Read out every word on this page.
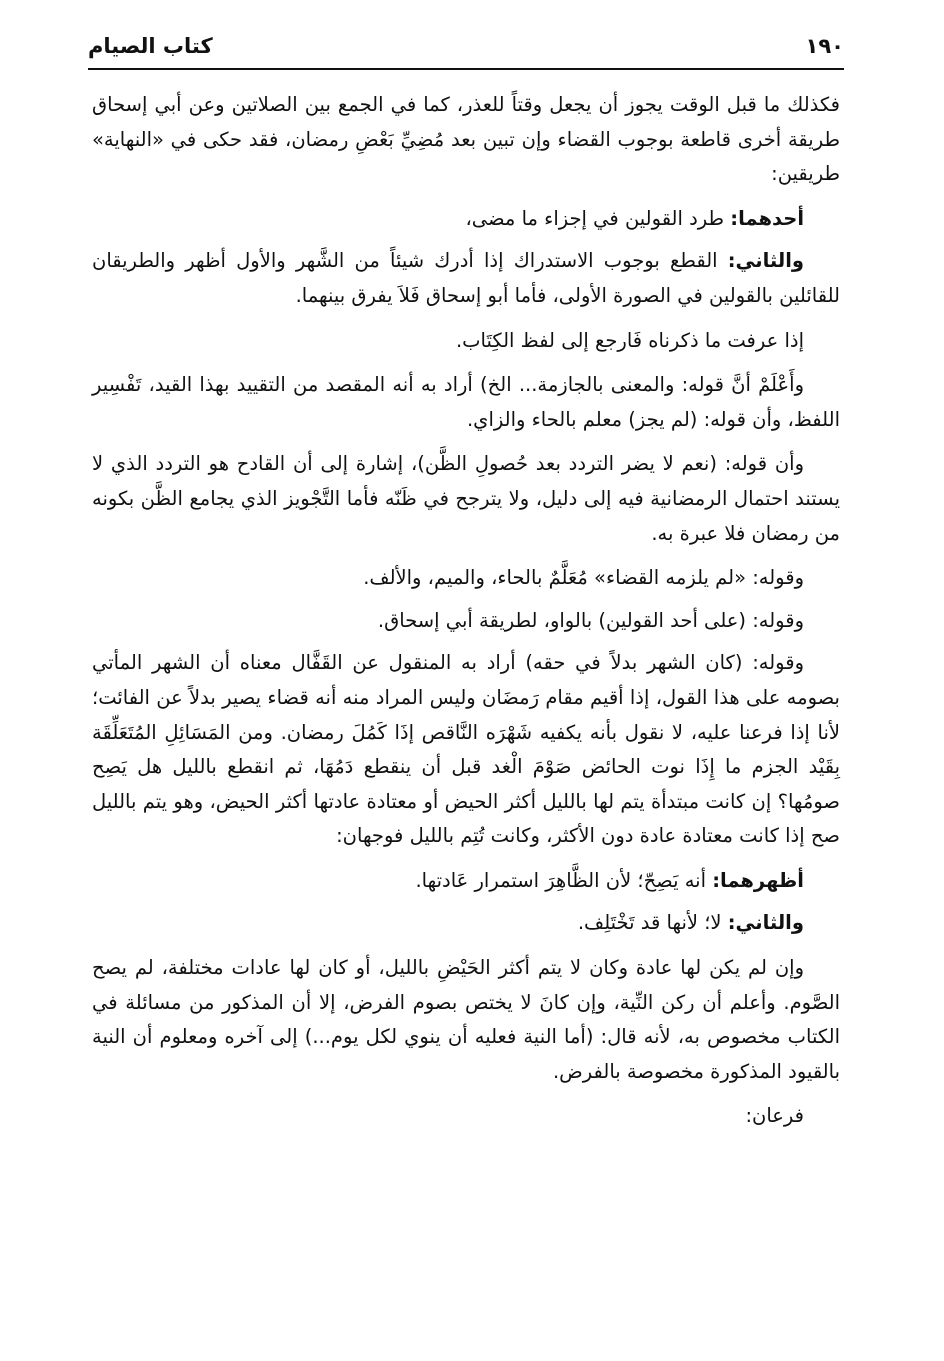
١٩٠
كتاب الصيام

فكذلك ما قبل الوقت يجوز أن يجعل وقتاً للعذر، كما في الجمع بين الصلاتين وعن أبي إسحاق طريقة أخرى قاطعة بوجوب القضاء وإن تبين بعد مُضِيِّ بَعْضِ رمضان، فقد حكى في «النهاية» طريقين:

أحدهما: طرد القولين في إجزاء ما مضى،

والثاني: القطع بوجوب الاستدراك إذا أدرك شيئاً من الشَّهر والأول أظهر والطريقان للقائلين بالقولين في الصورة الأولى، فأما أبو إسحاق فَلاَ يفرق بينهما.

إذا عرفت ما ذكرناه فَارجع إلى لفظ الكِتَاب.

وأَعْلَمْ أنَّ قوله: والمعنى بالجازمة... الخ) أراد به أنه المقصد من التقييد بهذا القيد، تَفْسِير اللفظ، وأن قوله: (لم يجز) معلم بالحاء والزاي.

وأن قوله: (نعم لا يضر التردد بعد حُصولِ الظَّن)، إشارة إلى أن القادح هو التردد الذي لا يستند احتمال الرمضانية فيه إلى دليل، ولا يترجح في ظَنّه فأما التَّجْويز الذي يجامع الظَّن بكونه من رمضان فلا عبرة به.

وقوله: «لم يلزمه القضاء» مُعَلَّمٌ بالحاء، والميم، والألف.

وقوله: (على أحد القولين) بالواو، لطريقة أبي إسحاق.

وقوله: (كان الشهر بدلاً في حقه) أراد به المنقول عن القَفَّال معناه أن الشهر المأتي بصومه على هذا القول، إذا أقيم مقام رَمضَان وليس المراد منه أنه قضاء يصير بدلاً عن الفائت؛ لأنا إذا فرعنا عليه، لا نقول بأنه يكفيه شَهْرَه النَّاقص إذَا كَمُلَ رمضان. ومن المَسَائِلِ المُتَعَلِّقَة بِقَيْد الجزم ما إِذَا نوت الحائض صَوْمَ الْغد قبل أن ينقطع دَمُهَا، ثم انقطع بالليل هل يَصِح صومُها؟ إن كانت مبتدأة يتم لها بالليل أكثر الحيض أو معتادة عادتها أكثر الحيض، وهو يتم بالليل صح إذا كانت معتادة عادة دون الأكثر، وكانت تُتِم بالليل فوجهان:

أظهرهما: أنه يَصِحّ؛ لأن الظَّاهِرَ استمرار عَادتها.

والثاني: لا؛ لأنها قد تَخْتَلِف.

وإن لم يكن لها عادة وكان لا يتم أكثر الحَيْضِ بالليل، أو كان لها عادات مختلفة، لم يصح الصَّوم. وأعلم أن ركن النِّية، وإن كانَ لا يختص بصوم الفرض، إلا أن المذكور من مسائلة في الكتاب مخصوص به، لأنه قال: (أما النية فعليه أن ينوي لكل يوم...) إلى آخره ومعلوم أن النية بالقيود المذكورة مخصوصة بالفرض.

فرعان:
